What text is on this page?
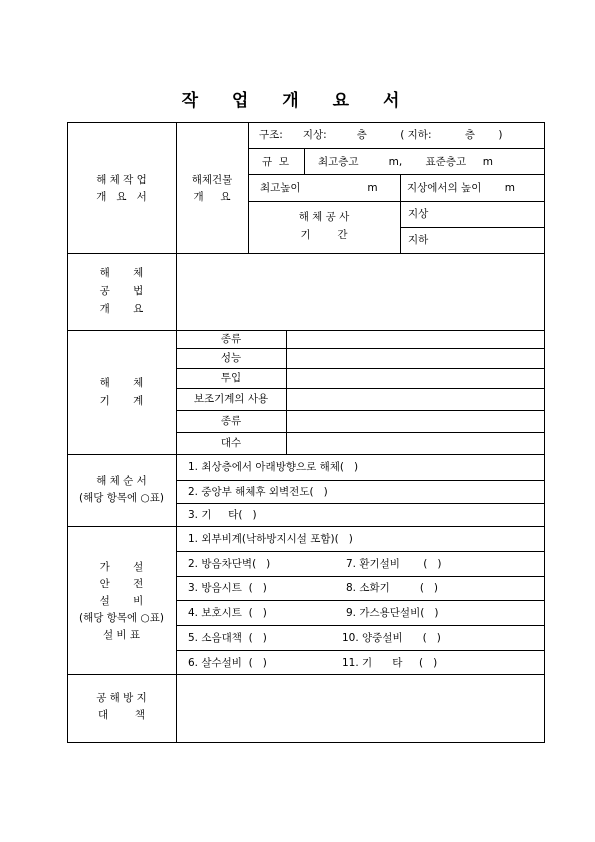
작 업 개 요 서
해 체 작 업
개   요   서
해체건물
개     요
구조:      지상:         층          ( 지하:          층       )
규  모	최고층고         m,       표준층고     m
최고높이                    m	지상에서의 높이       m
해 체 공 사
기        간
지상
지하
해       체
공       법
개       요
해       체
기       계
종류
성능
투입
보조기계의 사용
종류
대수
해 체 순 서
(해당 항목에 ○표)
1. 최상층에서 아래방향으로 해체(   )
2. 중앙부 해체후 외벽전도(   )
3. 기     타(   )
가       설
안       전
설       비
(해당 항목에 ○표)
설 비 표
1. 외부비계(낙하방지시설 포함)(   )
2. 방음차단벽(   )
3. 방음시트  (   )
4. 보호시트  (   )
5. 소음대책  (   )
6. 살수설비  (   )
7. 환기설비       (   )
8. 소화기         (   )
9. 가스용단설비(   )
10. 양중설비      (   )
11. 기      타     (   )
공 해 방 지
대        책
